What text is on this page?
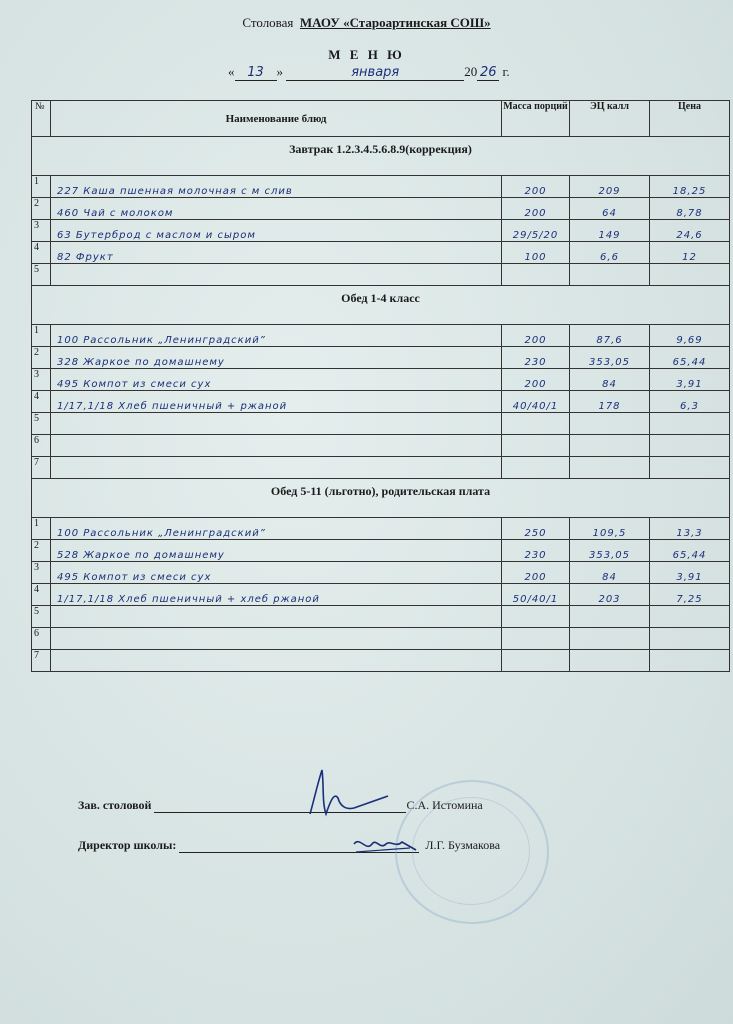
Столовая МАОУ «Староартинская СОШ»
М Е Н Ю
« 13 »	января	20 26 г.
№	Наименование блюд	Масса порций	ЭЦ калл	Цена
Завтрак 1.2.3.4.5.6.8.9(коррекция)				

1	227 Каша пшенная молочная с м слив	200	209	18,25
2	460 Чай с молоком	200	64	8,78
3	63 Бутерброд с маслом и сыром	29/5/20	149	24,6
4	82 Фрукт	100	6,6	12
5				
Обед 1-4 класс				

1	100 Рассольник „Ленинградский”	200	87,6	9,69
2	328 Жаркое по домашнему	230	353,05	65,44
3	495 Компот из смеси сух	200	84	3,91
4	1/17,1/18 Хлеб пшеничный + ржаной	40/40/1	178	6,3
5				
6				
7				
Обед 5-11 (льготно), родительская плата				

1	100 Рассольник „Ленинградский”	250	109,5	13,3
2	528 Жаркое по домашнему	230	353,05	65,44
3	495 Компот из смеси сух	200	84	3,91
4	1/17,1/18 Хлеб пшеничный + хлеб ржаной	50/40/1	203	7,25
5				
6				
7				
Зав. столовой	С.А. Истомина
Директор школы:	Л.Г. Бузмакова
